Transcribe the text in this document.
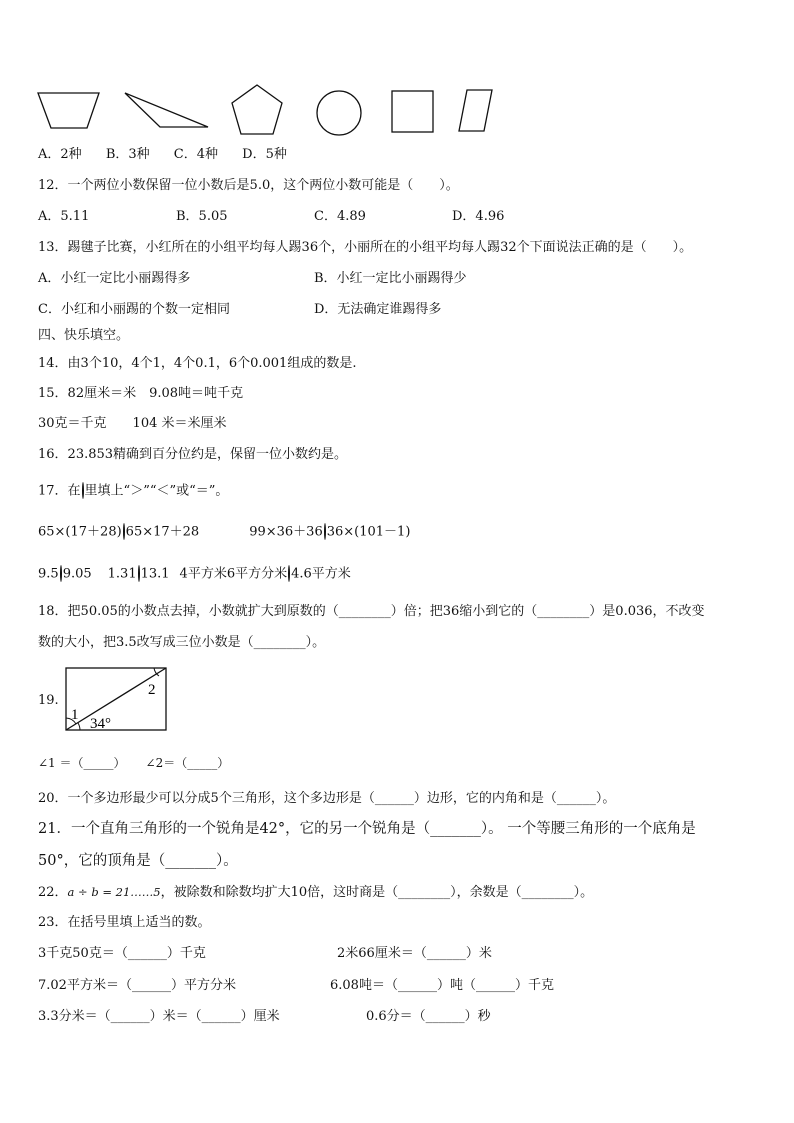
A．2种 B．3种 C．4种 D．5种
12．一个两位小数保留一位小数后是5.0，这个两位小数可能是（　　）。
A．5.11	B．5.05	C．4.89	D．4.96
13．踢毽子比赛，小红所在的小组平均每人踢36个，小丽所在的小组平均每人踢32个下面说法正确的是（　　）。
A．小红一定比小丽踢得多	B．小红一定比小丽踢得少
C．小红和小丽踢的个数一定相同	D．无法确定谁踢得多
四、快乐填空。
14．由3个10，4个1，4个0.1，6个0.001组成的数是.
15．82厘米＝米　9.08吨＝吨千克
30克＝千克　　104 米＝米厘米
16．23.853精确到百分位约是，保留一位小数约是。
17．在 里填上“＞”“＜”或“＝”。
65×(17＋28) 65×17＋28	99×36＋36 36×(101－1)
9.5 9.05 1.31 13.1 4平方米6平方分米 4.6平方米
18．把50.05的小数点去掉，小数就扩大到原数的（________）倍；把36缩小到它的（________）是0.036，不改变
数的大小，把3.5改写成三位小数是（________）。
19.
1
2
34°
∠1 ＝（_____） ∠2＝（_____）
20．一个多边形最少可以分成5个三角形，这个多边形是（______）边形，它的内角和是（______）。
21．一个直角三角形的一个锐角是42°，它的另一个锐角是（_______）。 一个等腰三角形的一个底角是
50°，它的顶角是（_______）。
22．a ÷ b = 21……5，被除数和除数均扩大10倍，这时商是（________），余数是（________）。
23．在括号里填上适当的数。
3千克50克＝（______）千克	2米66厘米＝（______）米
7.02平方米＝（______）平方分米	6.08吨＝（______）吨（______）千克
3.3分米＝（______）米＝（______）厘米	0.6分＝（______）秒
